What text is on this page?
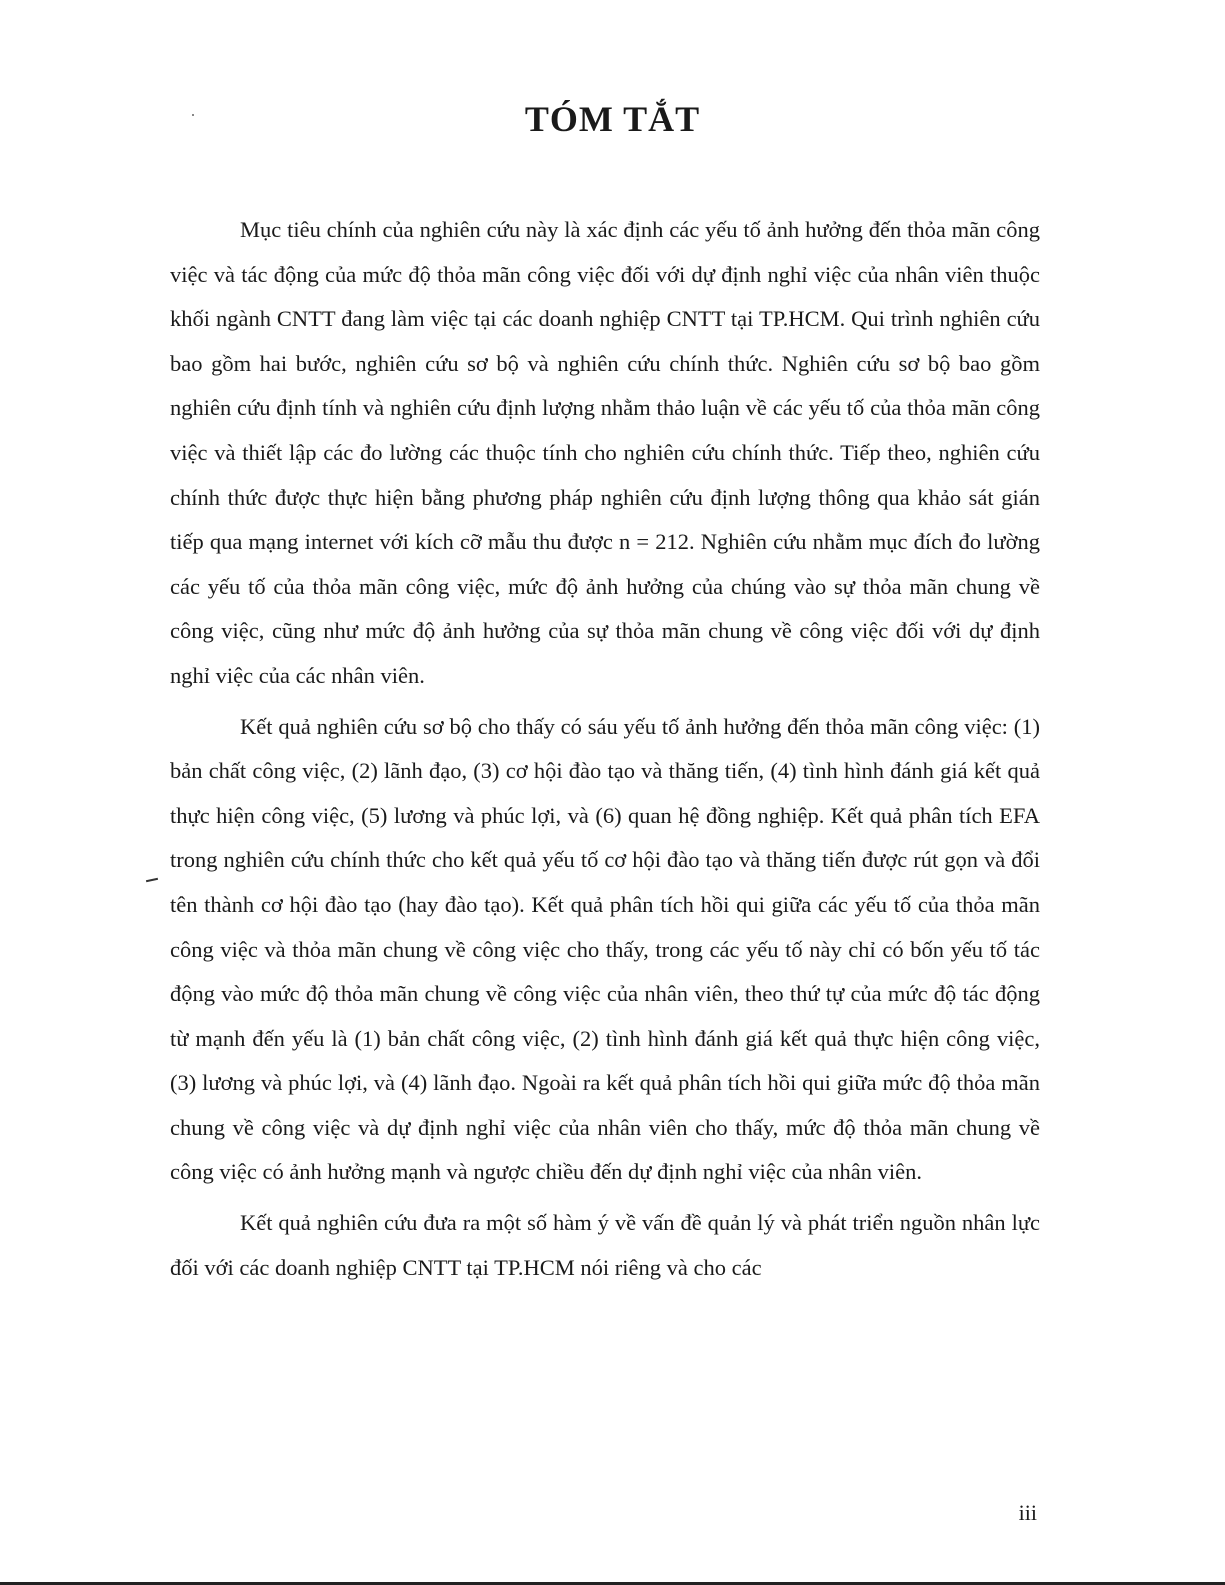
TÓM TẮT

Mục tiêu chính của nghiên cứu này là xác định các yếu tố ảnh hưởng đến thỏa mãn công việc và tác động của mức độ thỏa mãn công việc đối với dự định nghỉ việc của nhân viên thuộc khối ngành CNTT đang làm việc tại các doanh nghiệp CNTT tại TP.HCM. Qui trình nghiên cứu bao gồm hai bước, nghiên cứu sơ bộ và nghiên cứu chính thức. Nghiên cứu sơ bộ bao gồm nghiên cứu định tính và nghiên cứu định lượng nhằm thảo luận về các yếu tố của thỏa mãn công việc và thiết lập các đo lường các thuộc tính cho nghiên cứu chính thức. Tiếp theo, nghiên cứu chính thức được thực hiện bằng phương pháp nghiên cứu định lượng thông qua khảo sát gián tiếp qua mạng internet với kích cỡ mẫu thu được n = 212. Nghiên cứu nhằm mục đích đo lường các yếu tố của thỏa mãn công việc, mức độ ảnh hưởng của chúng vào sự thỏa mãn chung về công việc, cũng như mức độ ảnh hưởng của sự thỏa mãn chung về công việc đối với dự định nghỉ việc của các nhân viên.

Kết quả nghiên cứu sơ bộ cho thấy có sáu yếu tố ảnh hưởng đến thỏa mãn công việc: (1) bản chất công việc, (2) lãnh đạo, (3) cơ hội đào tạo và thăng tiến, (4) tình hình đánh giá kết quả thực hiện công việc, (5) lương và phúc lợi, và (6) quan hệ đồng nghiệp. Kết quả phân tích EFA trong nghiên cứu chính thức cho kết quả yếu tố cơ hội đào tạo và thăng tiến được rút gọn và đổi tên thành cơ hội đào tạo (hay đào tạo). Kết quả phân tích hồi qui giữa các yếu tố của thỏa mãn công việc và thỏa mãn chung về công việc cho thấy, trong các yếu tố này chỉ có bốn yếu tố tác động vào mức độ thỏa mãn chung về công việc của nhân viên, theo thứ tự của mức độ tác động từ mạnh đến yếu là (1) bản chất công việc, (2) tình hình đánh giá kết quả thực hiện công việc, (3) lương và phúc lợi, và (4) lãnh đạo. Ngoài ra kết quả phân tích hồi qui giữa mức độ thỏa mãn chung về công việc và dự định nghỉ việc của nhân viên cho thấy, mức độ thỏa mãn chung về công việc có ảnh hưởng mạnh và ngược chiều đến dự định nghỉ việc của nhân viên.

Kết quả nghiên cứu đưa ra một số hàm ý về vấn đề quản lý và phát triển nguồn nhân lực đối với các doanh nghiệp CNTT tại TP.HCM nói riêng và cho các

iii
